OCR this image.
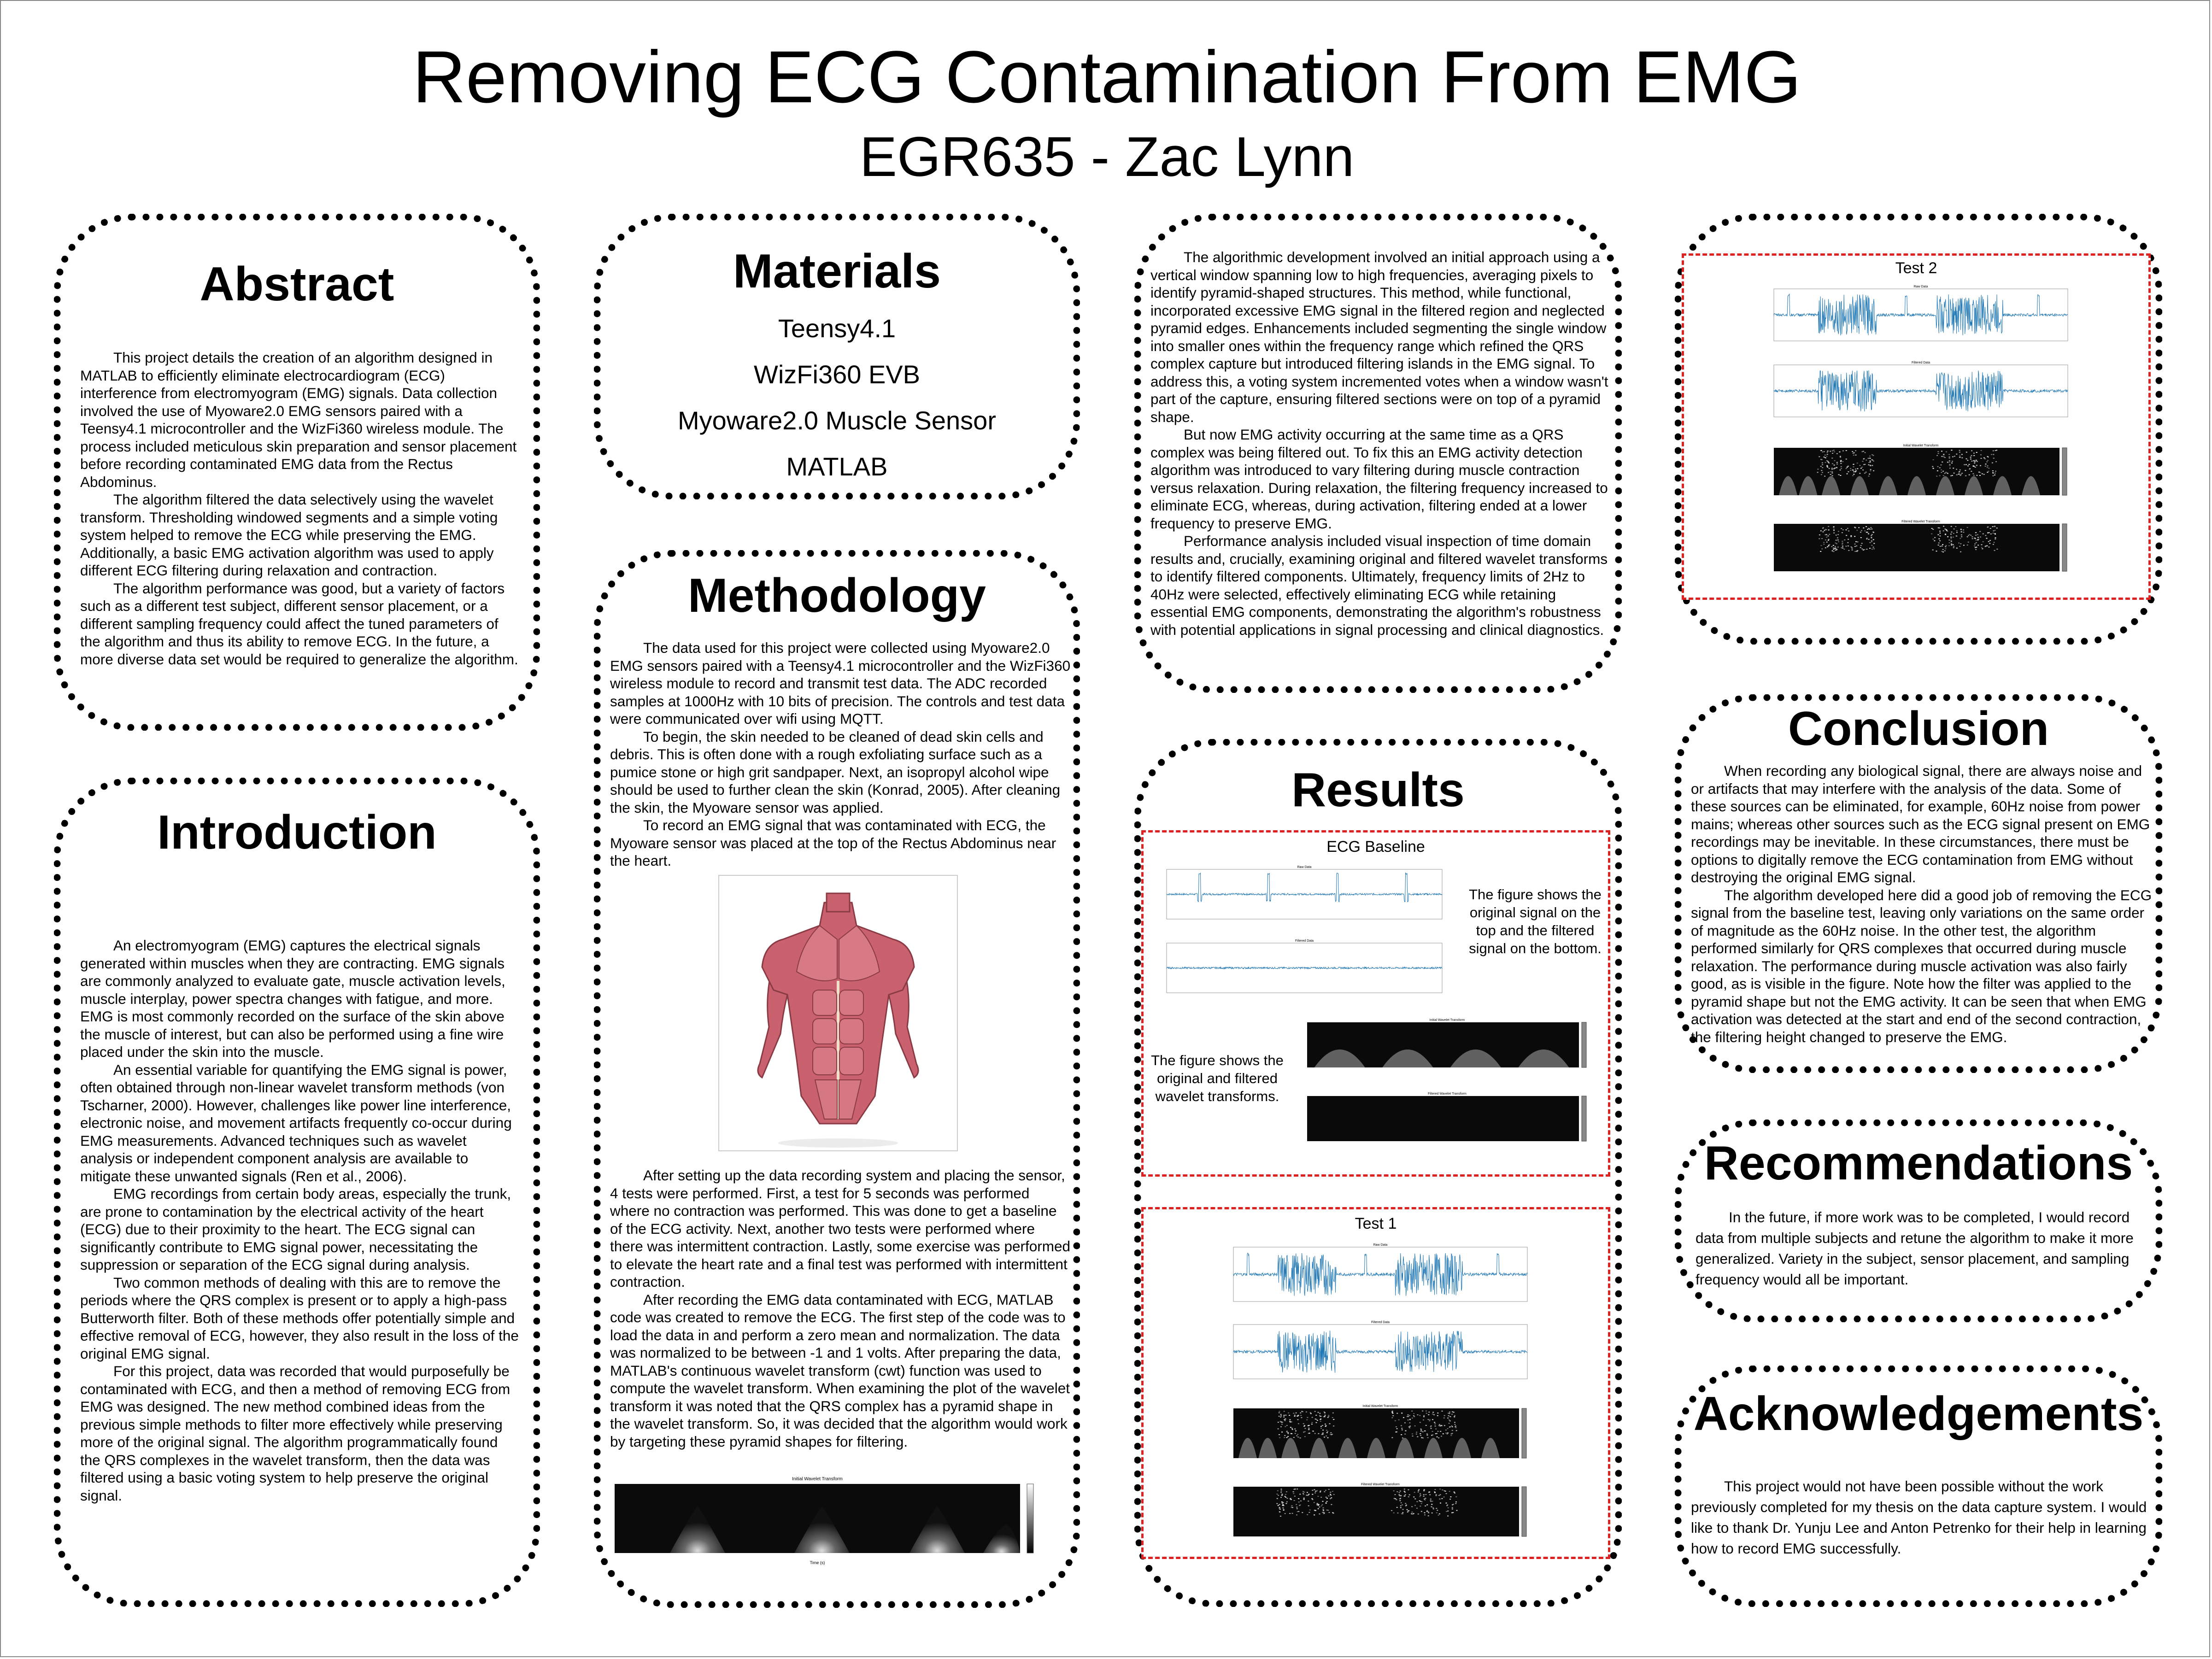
Removing ECG Contamination From EMG
EGR635 - Zac Lynn
Abstract

This project details the creation of an algorithm designed in MATLAB to efficiently eliminate electrocardiogram (ECG) interference from electromyogram (EMG) signals. Data collection involved the use of Myoware2.0 EMG sensors paired with a Teensy4.1 microcontroller and the WizFi360 wireless module. The process included meticulous skin preparation and sensor placement before recording contaminated EMG data from the Rectus Abdominus.

The algorithm filtered the data selectively using the wavelet transform. Thresholding windowed segments and a simple voting system helped to remove the ECG while preserving the EMG. Additionally, a basic EMG activation algorithm was used to apply different ECG filtering during relaxation and contraction.

The algorithm performance was good, but a variety of factors such as a different test subject, different sensor placement, or a different sampling frequency could affect the tuned parameters of the algorithm and thus its ability to remove ECG. In the future, a more diverse data set would be required to generalize the algorithm.

Introduction

An electromyogram (EMG) captures the electrical signals generated within muscles when they are contracting. EMG signals are commonly analyzed to evaluate gate, muscle activation levels, muscle interplay, power spectra changes with fatigue, and more. EMG is most commonly recorded on the surface of the skin above the muscle of interest, but can also be performed using a fine wire placed under the skin into the muscle.

An essential variable for quantifying the EMG signal is power, often obtained through non-linear wavelet transform methods (von Tscharner, 2000). However, challenges like power line interference, electronic noise, and movement artifacts frequently co-occur during EMG measurements. Advanced techniques such as wavelet analysis or independent component analysis are available to mitigate these unwanted signals (Ren et al., 2006).

EMG recordings from certain body areas, especially the trunk, are prone to contamination by the electrical activity of the heart (ECG) due to their proximity to the heart. The ECG signal can significantly contribute to EMG signal power, necessitating the suppression or separation of the ECG signal during analysis.

Two common methods of dealing with this are to remove the periods where the QRS complex is present or to apply a high-pass Butterworth filter. Both of these methods offer potentially simple and effective removal of ECG, however, they also result in the loss of the original EMG signal.

For this project, data was recorded that would purposefully be contaminated with ECG, and then a method of removing ECG from EMG was designed. The new method combined ideas from the previous simple methods to filter more effectively while preserving more of the original signal. The algorithm programmatically found the QRS complexes in the wavelet transform, then the data was filtered using a basic voting system to help preserve the original signal.

Materials
Teensy4.1
WizFi360 EVB
Myoware2.0 Muscle Sensor
MATLAB
Methodology

The data used for this project were collected using Myoware2.0 EMG sensors paired with a Teensy4.1 microcontroller and the WizFi360 wireless module to record and transmit test data. The ADC recorded samples at 1000Hz with 10 bits of precision. The controls and test data were communicated over wifi using MQTT.

To begin, the skin needed to be cleaned of dead skin cells and debris. This is often done with a rough exfoliating surface such as a pumice stone or high grit sandpaper. Next, an isopropyl alcohol wipe should be used to further clean the skin (Konrad, 2005). After cleaning the skin, the Myoware sensor was applied.

To record an EMG signal that was contaminated with ECG, the Myoware sensor was placed at the top of the Rectus Abdominus near the heart.

After setting up the data recording system and placing the sensor, 4 tests were performed. First, a test for 5 seconds was performed where no contraction was performed. This was done to get a baseline of the ECG activity. Next, another two tests were performed where there was intermittent contraction. Lastly, some exercise was performed to elevate the heart rate and a final test was performed with intermittent contraction.

After recording the EMG data contaminated with ECG, MATLAB code was created to remove the ECG. The first step of the code was to load the data in and perform a zero mean and normalization. The data was normalized to be between -1 and 1 volts. After preparing the data, MATLAB's continuous wavelet transform (cwt) function was used to compute the wavelet transform. When examining the plot of the wavelet transform it was noted that the QRS complex has a pyramid shape in the wavelet transform. So, it was decided that the algorithm would work by targeting these pyramid shapes for filtering.

Initial Wavelet Transform
Time (s)

The algorithmic development involved an initial approach using a vertical window spanning low to high frequencies, averaging pixels to identify pyramid-shaped structures. This method, while functional, incorporated excessive EMG signal in the filtered region and neglected pyramid edges. Enhancements included segmenting the single window into smaller ones within the frequency range which refined the QRS complex capture but introduced filtering islands in the EMG signal. To address this, a voting system incremented votes when a window wasn't part of the capture, ensuring filtered sections were on top of a pyramid shape.

But now EMG activity occurring at the same time as a QRS complex was being filtered out. To fix this an EMG activity detection algorithm was introduced to vary filtering during muscle contraction versus relaxation. During relaxation, the filtering frequency increased to eliminate ECG, whereas, during activation, filtering ended at a lower frequency to preserve EMG.

Performance analysis included visual inspection of time domain results and, crucially, examining original and filtered wavelet transforms to identify filtered components. Ultimately, frequency limits of 2Hz to 40Hz were selected, effectively eliminating ECG while retaining essential EMG components, demonstrating the algorithm's robustness with potential applications in signal processing and clinical diagnostics.

Results
ECG Baseline
Raw Data
Filtered Data
The figure shows the original signal on the top and the filtered signal on the bottom.
Initial Wavelet Transform
Filtered Wavelet Transform
The figure shows the original and filtered wavelet transforms.
Test 1
Raw Data
Filtered Data
Initial Wavelet Transform
Filtered Wavelet Transform
Test 2
Raw Data
Filtered Data
Initial Wavelet Transform
Filtered Wavelet Transform
Conclusion

When recording any biological signal, there are always noise and or artifacts that may interfere with the analysis of the data. Some of these sources can be eliminated, for example, 60Hz noise from power mains; whereas other sources such as the ECG signal present on EMG recordings may be inevitable. In these circumstances, there must be options to digitally remove the ECG contamination from EMG without destroying the original EMG signal.

The algorithm developed here did a good job of removing the ECG signal from the baseline test, leaving only variations on the same order of magnitude as the 60Hz noise. In the other test, the algorithm performed similarly for QRS complexes that occurred during muscle relaxation. The performance during muscle activation was also fairly good, as is visible in the figure. Note how the filter was applied to the pyramid shape but not the EMG activity. It can be seen that when EMG activation was detected at the start and end of the second contraction, the filtering height changed to preserve the EMG.

Recommendations

In the future, if more work was to be completed, I would record data from multiple subjects and retune the algorithm to make it more generalized. Variety in the subject, sensor placement, and sampling frequency would all be important.

Acknowledgements

This project would not have been possible without the work previously completed for my thesis on the data capture system. I would like to thank Dr. Yunju Lee and Anton Petrenko for their help in learning how to record EMG successfully.
